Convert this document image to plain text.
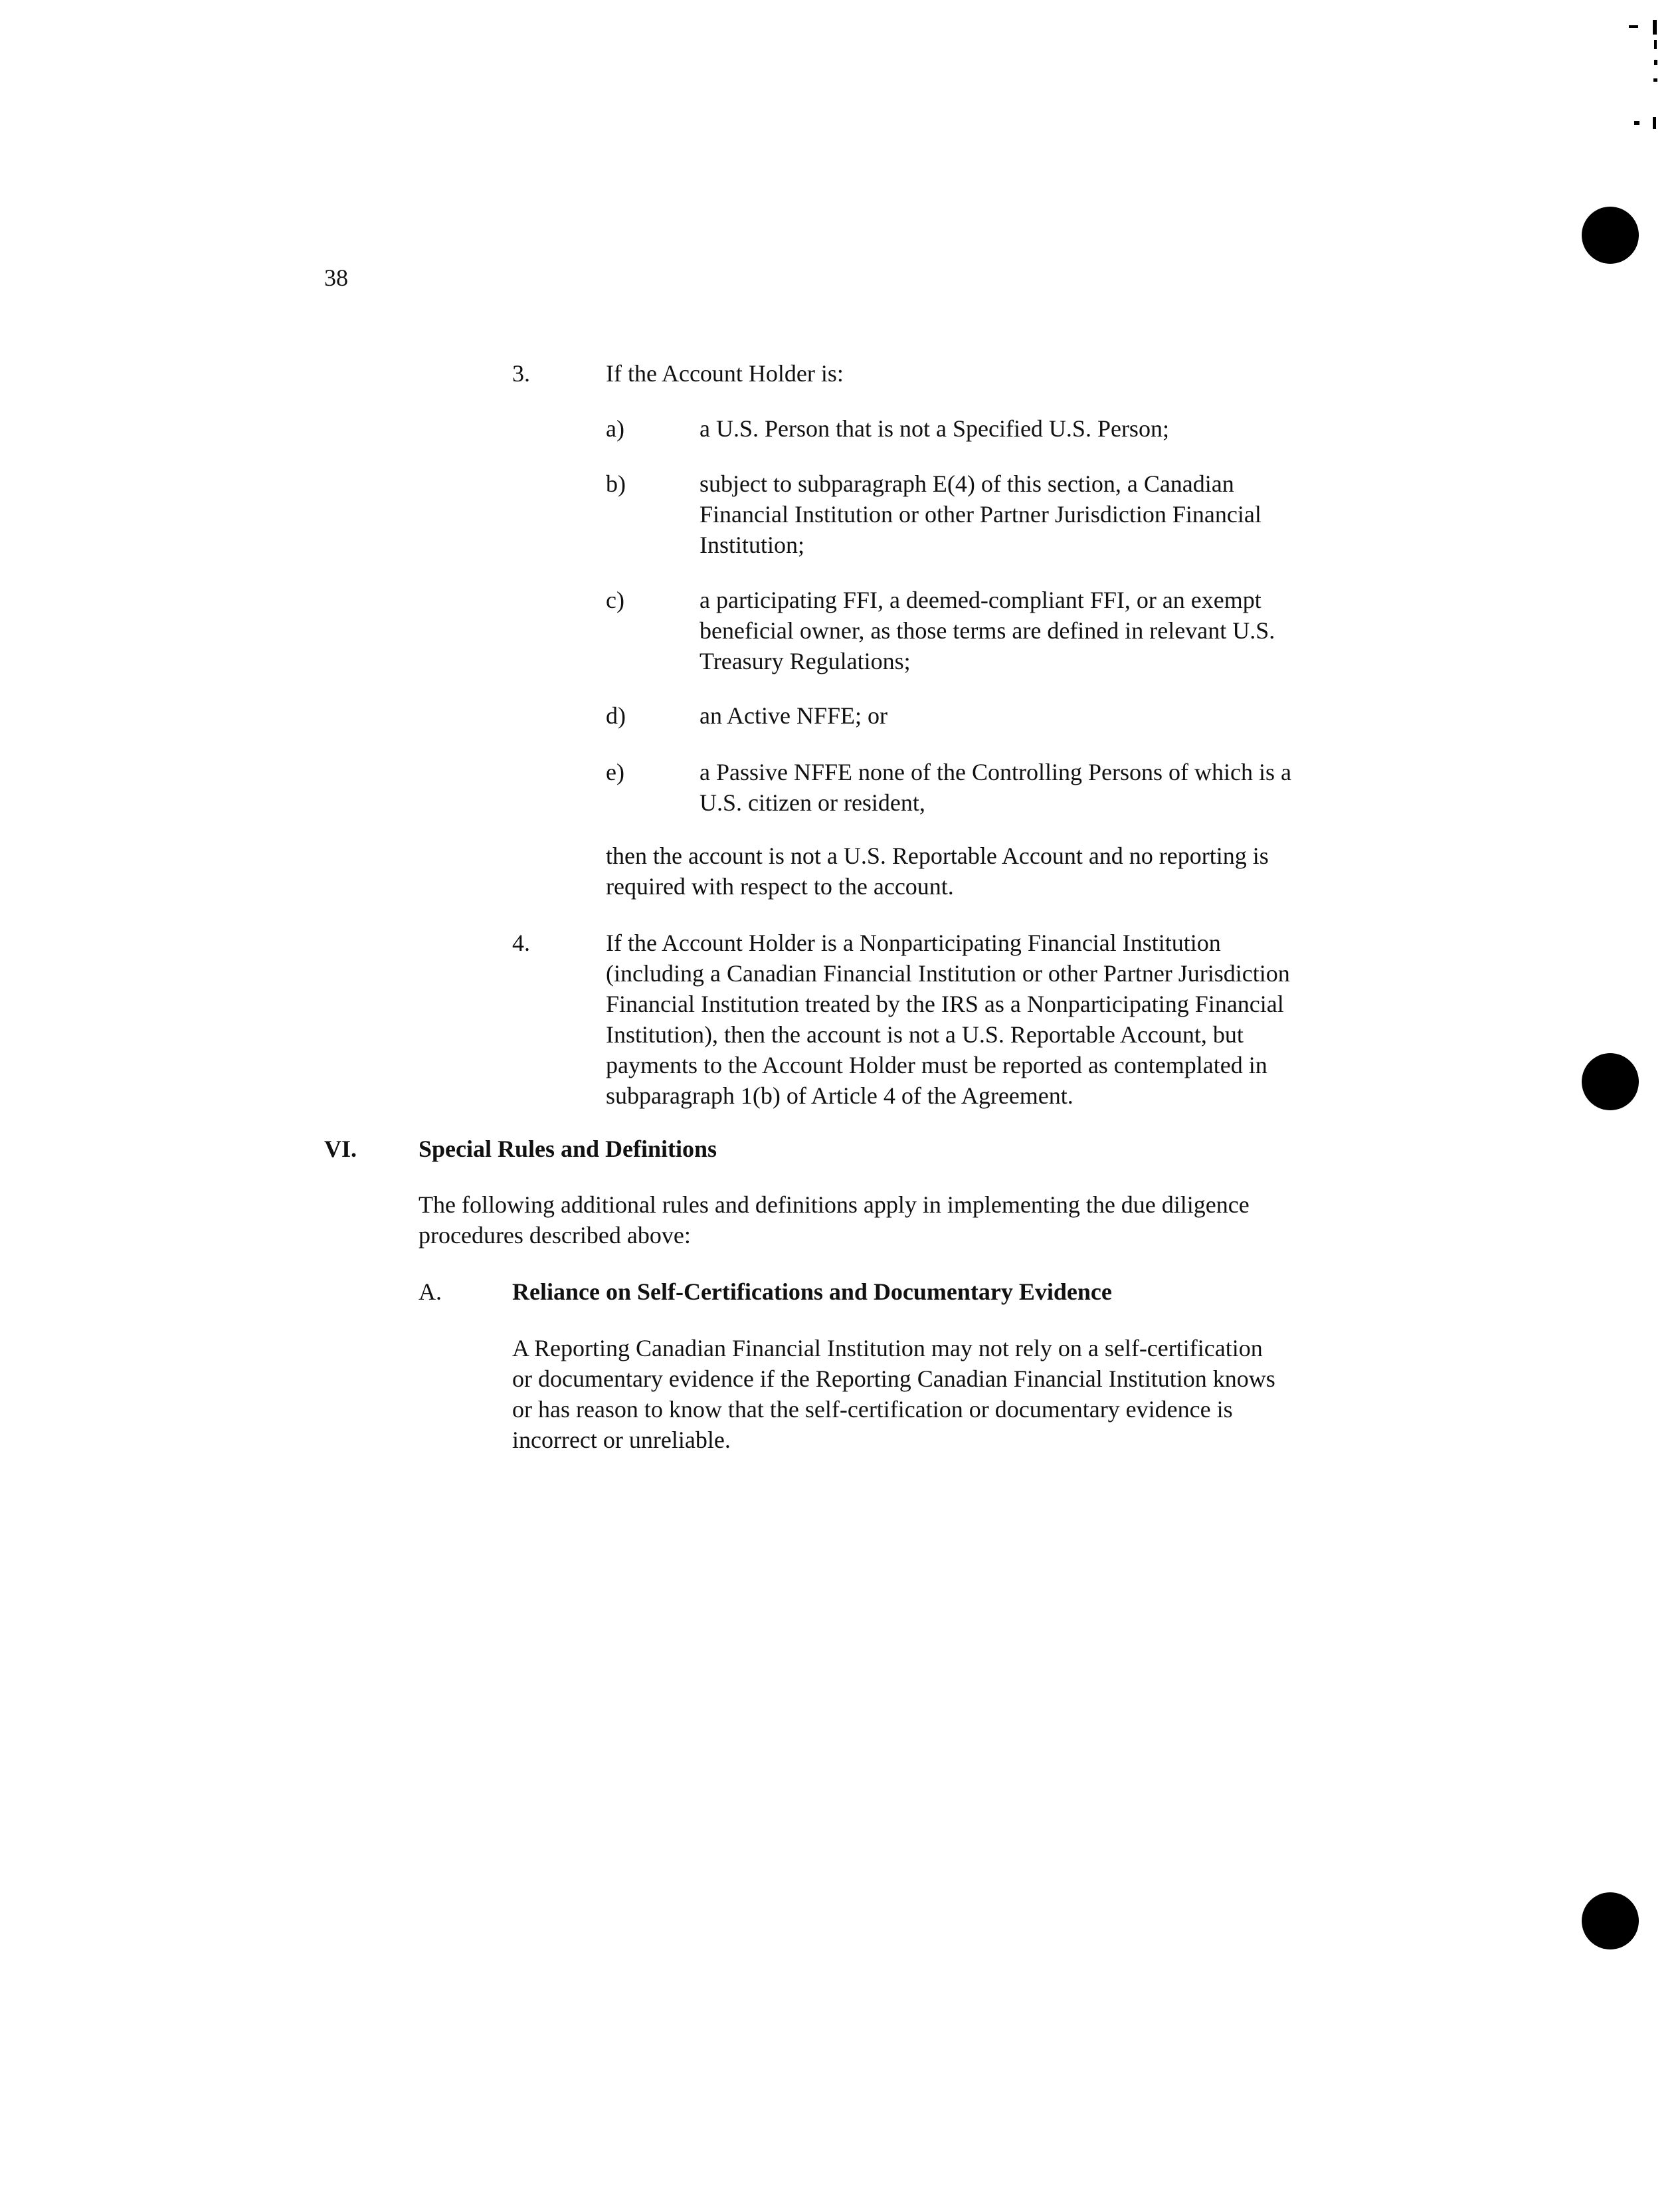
38
3.	If the Account Holder is:
a)	a U.S. Person that is not a Specified U.S. Person;
b)	subject to subparagraph E(4) of this section, a Canadian
Financial Institution or other Partner Jurisdiction Financial
Institution;
c)	a participating FFI, a deemed-compliant FFI, or an exempt
beneficial owner, as those terms are defined in relevant U.S.
Treasury Regulations;
d)	an Active NFFE; or
e)	a Passive NFFE none of the Controlling Persons of which is a
U.S. citizen or resident,
then the account is not a U.S. Reportable Account and no reporting is
required with respect to the account.
4.	If the Account Holder is a Nonparticipating Financial Institution
(including a Canadian Financial Institution or other Partner Jurisdiction
Financial Institution treated by the IRS as a Nonparticipating Financial
Institution), then the account is not a U.S. Reportable Account, but
payments to the Account Holder must be reported as contemplated in
subparagraph 1(b) of Article 4 of the Agreement.
VI.	Special Rules and Definitions
The following additional rules and definitions apply in implementing the due diligence
procedures described above:
A.	Reliance on Self-Certifications and Documentary Evidence
A Reporting Canadian Financial Institution may not rely on a self-certification
or documentary evidence if the Reporting Canadian Financial Institution knows
or has reason to know that the self-certification or documentary evidence is
incorrect or unreliable.
